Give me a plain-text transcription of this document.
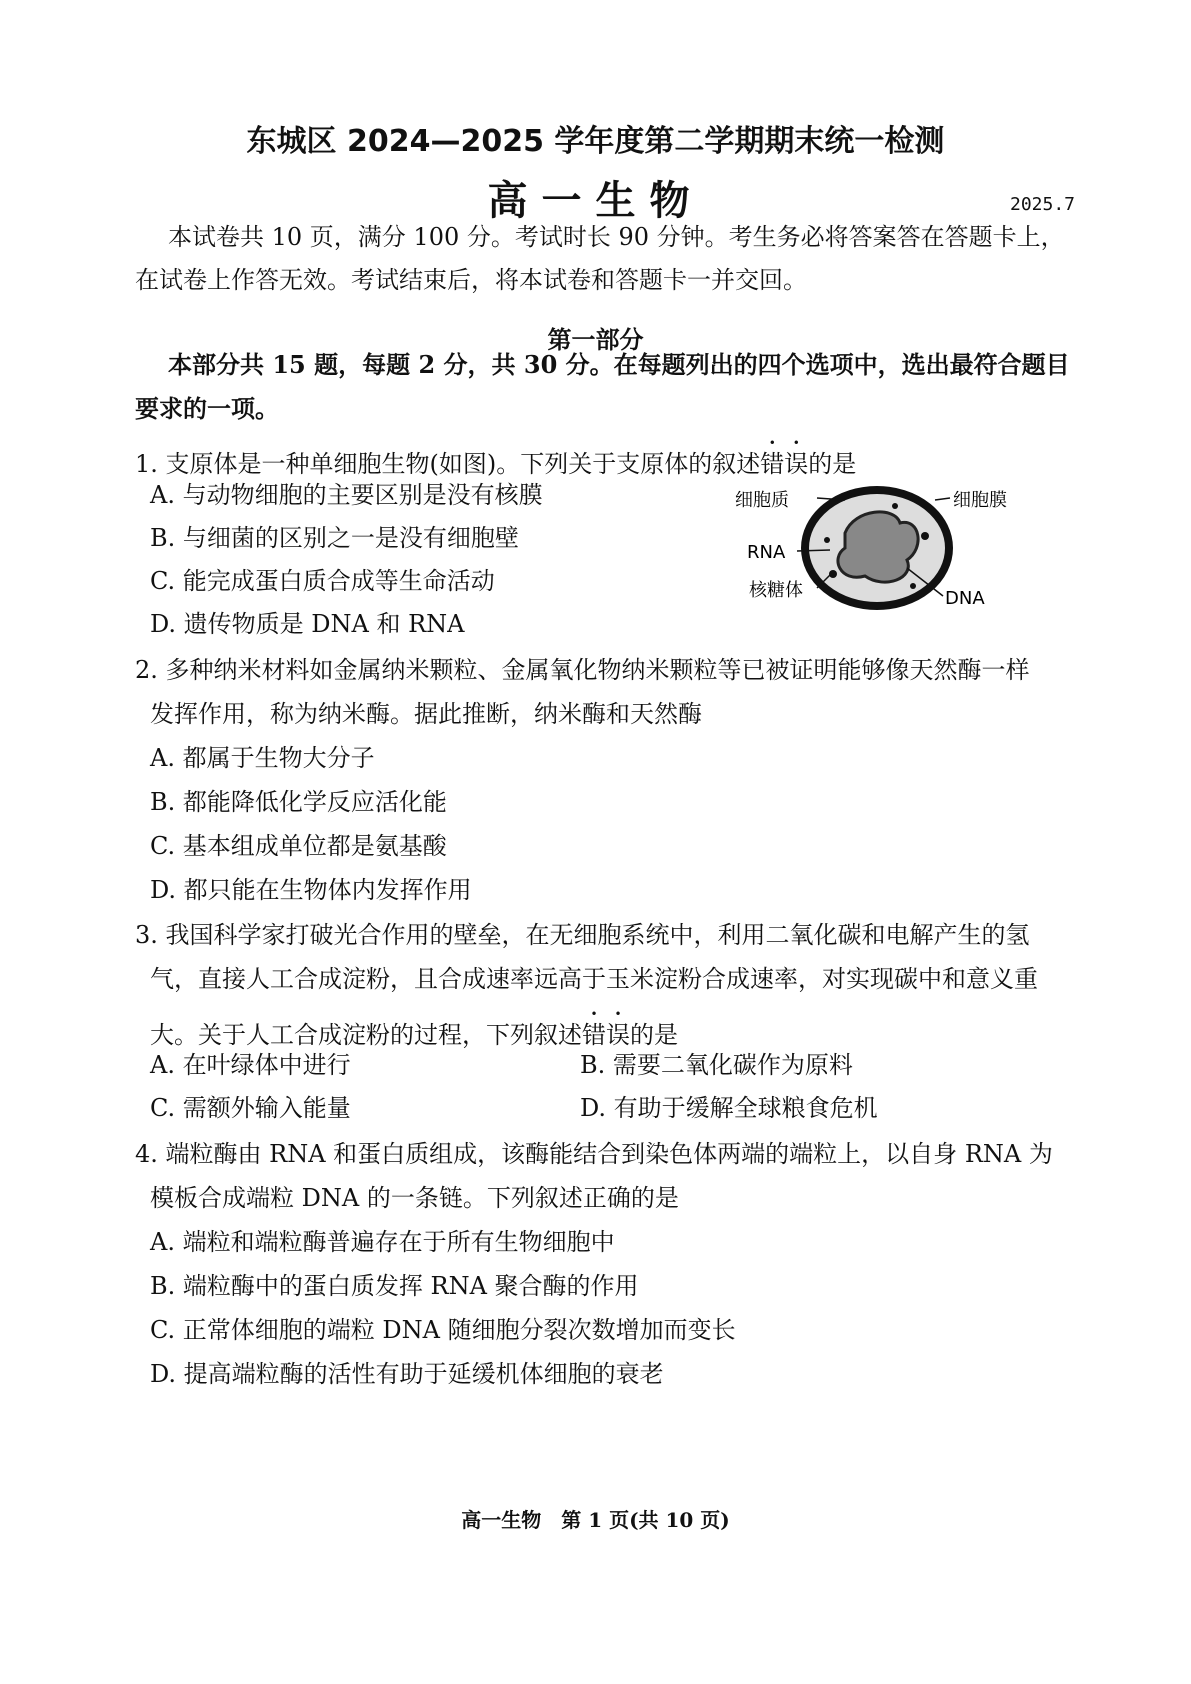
东城区 2024—2025 学年度第二学期期末统一检测
高一生物	2025.7
本试卷共 10 页，满分 100 分。考试时长 90 分钟。考生务必将答案答在答题卡上，
在试卷上作答无效。考试结束后，将本试卷和答题卡一并交回。
第一部分
本部分共 15 题，每题 2 分，共 30 分。在每题列出的四个选项中，选出最符合题目
要求的一项。
1. 支原体是一种单细胞生物(如图)。下列关于支原体的叙述错误的是
A. 与动物细胞的主要区别是没有核膜
B. 与细菌的区别之一是没有细胞壁
C. 能完成蛋白质合成等生命活动
D. 遗传物质是 DNA 和 RNA
细胞质	细胞膜
RNA
核糖体	DNA
2. 多种纳米材料如金属纳米颗粒、金属氧化物纳米颗粒等已被证明能够像天然酶一样
发挥作用，称为纳米酶。据此推断，纳米酶和天然酶
A. 都属于生物大分子
B. 都能降低化学反应活化能
C. 基本组成单位都是氨基酸
D. 都只能在生物体内发挥作用
3. 我国科学家打破光合作用的壁垒，在无细胞系统中，利用二氧化碳和电解产生的氢
气，直接人工合成淀粉，且合成速率远高于玉米淀粉合成速率，对实现碳中和意义重
大。关于人工合成淀粉的过程，下列叙述错误的是
A. 在叶绿体中进行	B. 需要二氧化碳作为原料
C. 需额外输入能量	D. 有助于缓解全球粮食危机
4. 端粒酶由 RNA 和蛋白质组成，该酶能结合到染色体两端的端粒上，以自身 RNA 为
模板合成端粒 DNA 的一条链。下列叙述正确的是
A. 端粒和端粒酶普遍存在于所有生物细胞中
B. 端粒酶中的蛋白质发挥 RNA 聚合酶的作用
C. 正常体细胞的端粒 DNA 随细胞分裂次数增加而变长
D. 提高端粒酶的活性有助于延缓机体细胞的衰老
高一生物　第 1 页(共 10 页)
